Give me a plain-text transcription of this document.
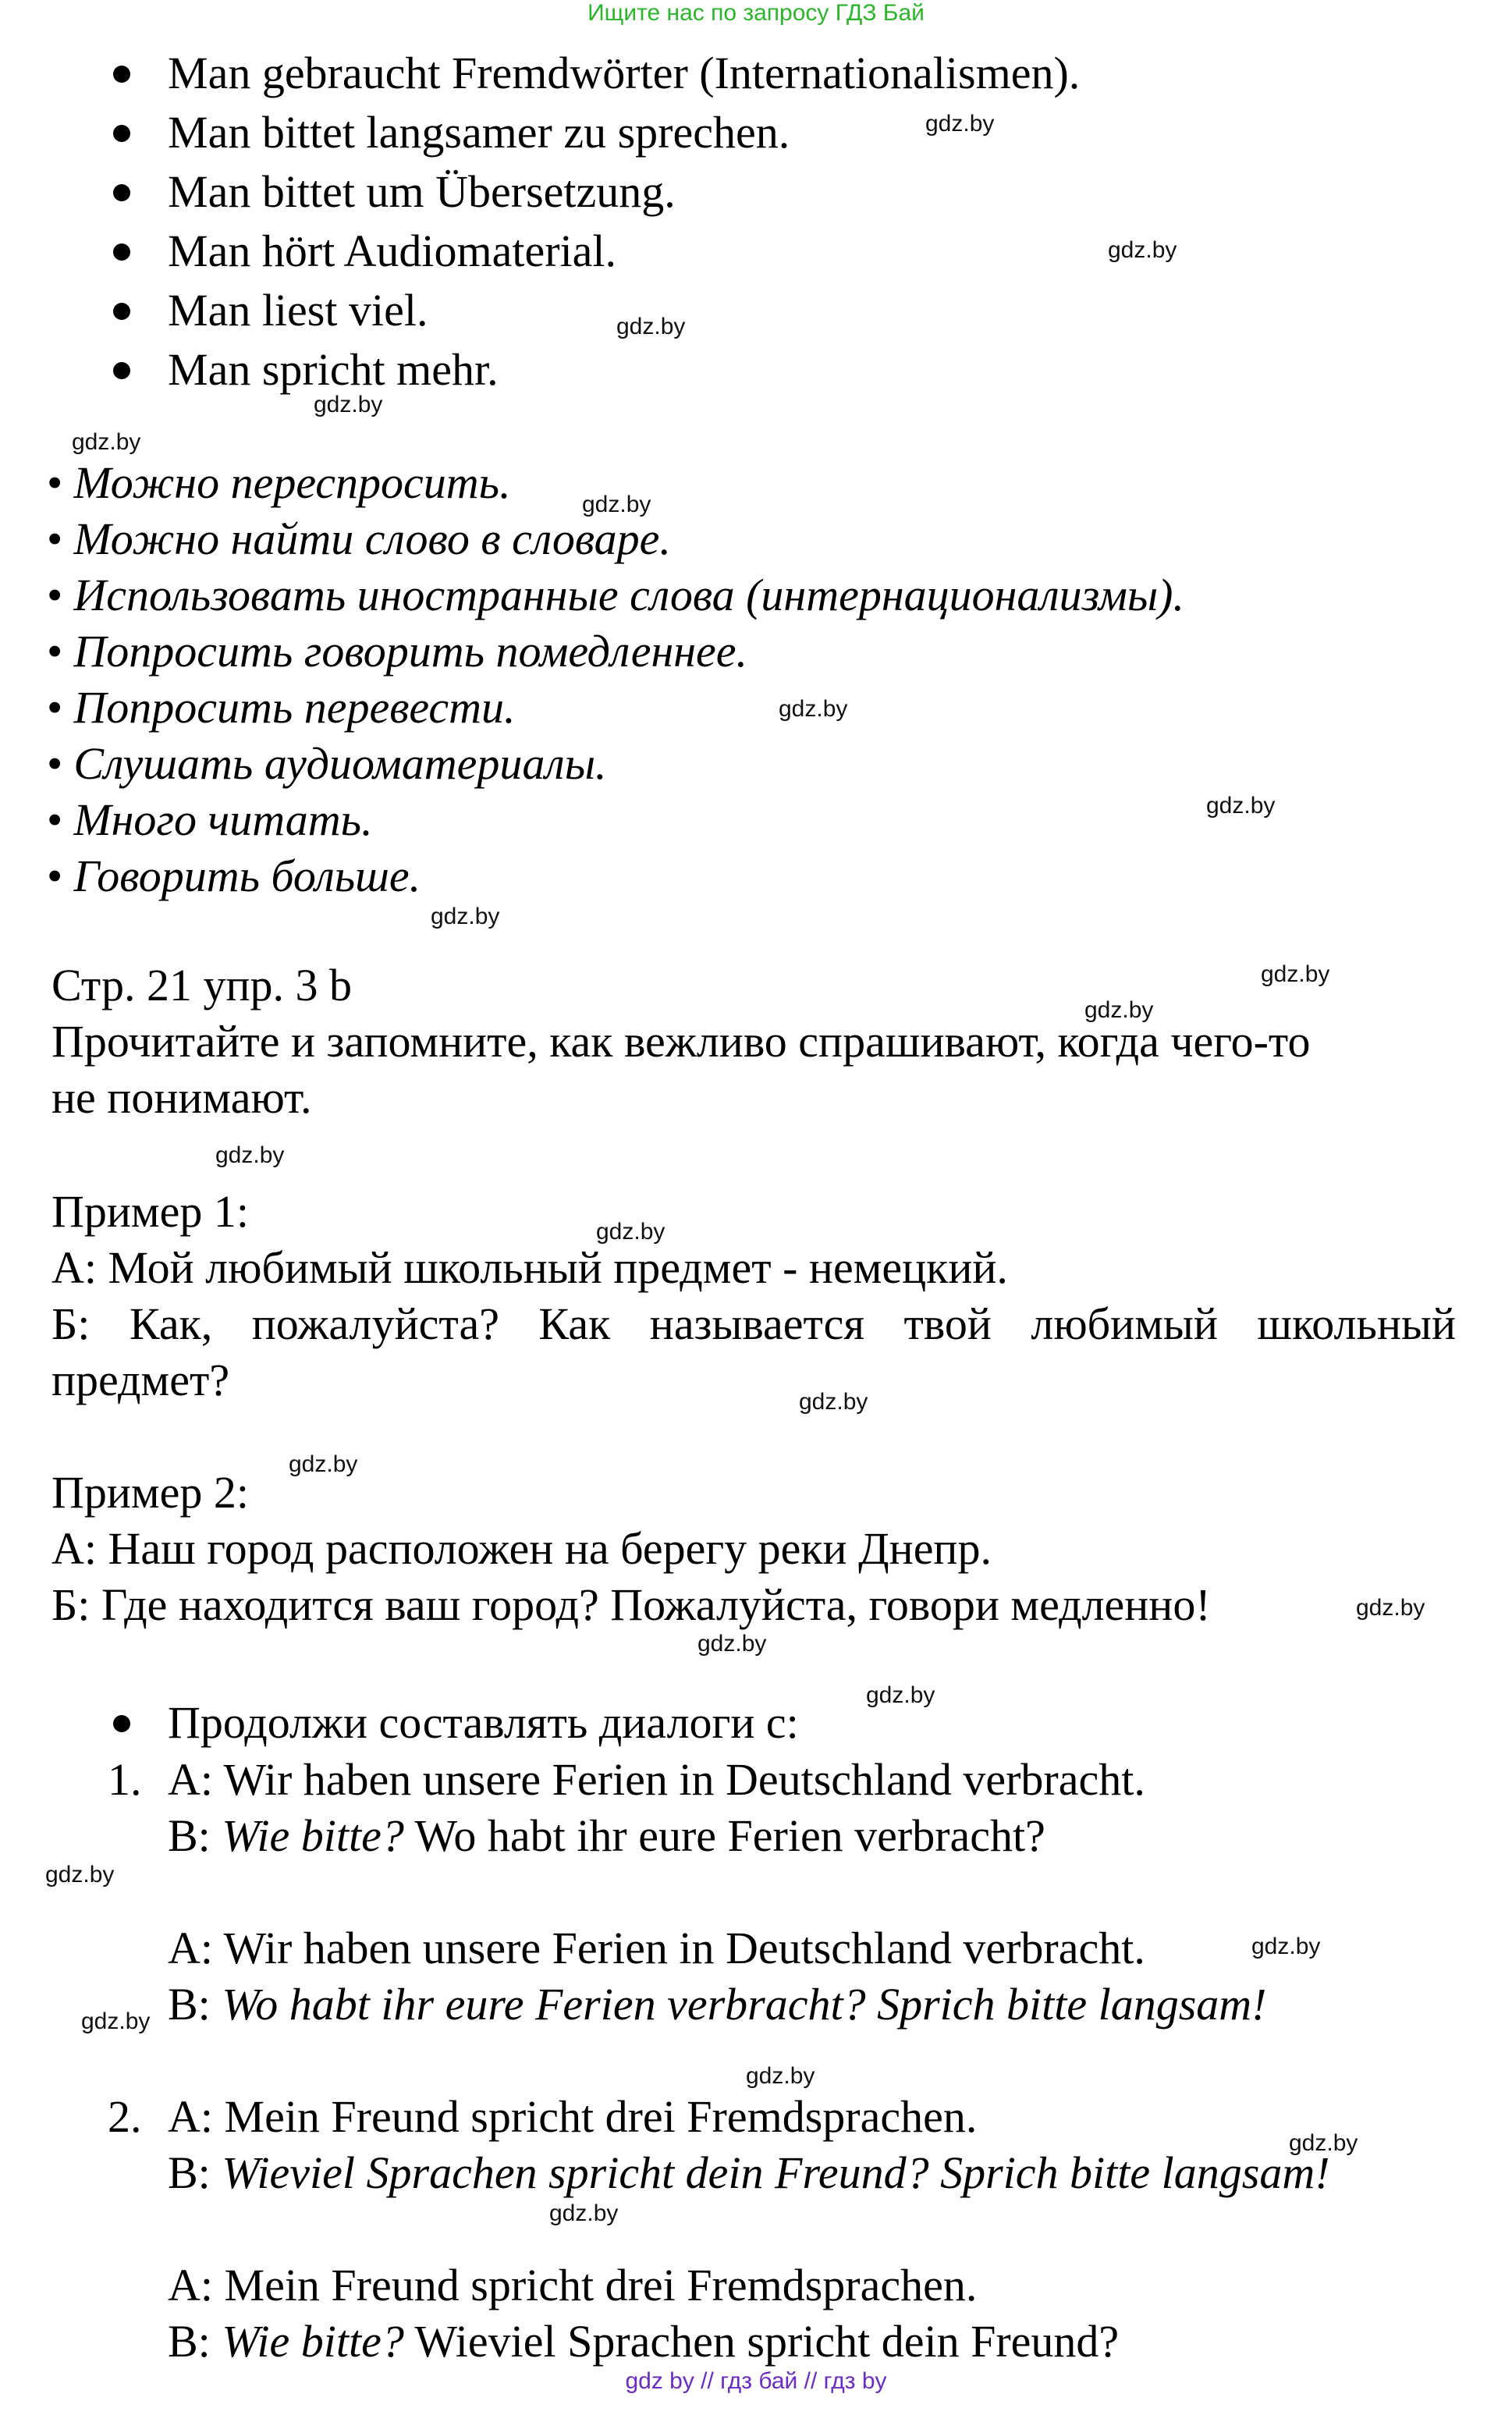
Ищите нас по запросу ГДЗ Бай
Man gebraucht Fremdwörter (Internationalismen).
Man bittet langsamer zu sprechen.
Man bittet um Übersetzung.
Man hört Audiomaterial.
Man liest viel.
Man spricht mehr.
• Можно переспросить.
• Можно найти слово в словаре.
• Использовать иностранные слова (интернационализмы).
• Попросить говорить помедленнее.
• Попросить перевести.
• Слушать аудиоматериалы.
• Много читать.
• Говорить больше.
Стр. 21 упр. 3 b
Прочитайте и запомните, как вежливо спрашивают, когда чего-то
не понимают.
Пример 1:
А: Мой любимый школьный предмет - немецкий.
Б: Как, пожалуйста? Как называется твой любимый школьный
предмет?
Пример 2:
А: Наш город расположен на берегу реки Днепр.
Б: Где находится ваш город? Пожалуйста, говори медленно!
Продолжи составлять диалоги с:
1. A: Wir haben unsere Ferien in Deutschland verbracht.
B: Wie bitte? Wo habt ihr eure Ferien verbracht?
A: Wir haben unsere Ferien in Deutschland verbracht.
B: Wo habt ihr eure Ferien verbracht? Sprich bitte langsam!
2. A: Mein Freund spricht drei Fremdsprachen.
B: Wieviel Sprachen spricht dein Freund? Sprich bitte langsam!
A: Mein Freund spricht drei Fremdsprachen.
B: Wie bitte? Wieviel Sprachen spricht dein Freund?
gdz.by
gdz.by
gdz.by
gdz.by
gdz.by
gdz.by
gdz.by
gdz.by
gdz.by
gdz.by
gdz.by
gdz.by
gdz.by
gdz.by
gdz.by
gdz.by
gdz.by
gdz.by
gdz.by
gdz.by
gdz.by
gdz.by
gdz.by
gdz.by
gdz by // гдз бай // гдз by
